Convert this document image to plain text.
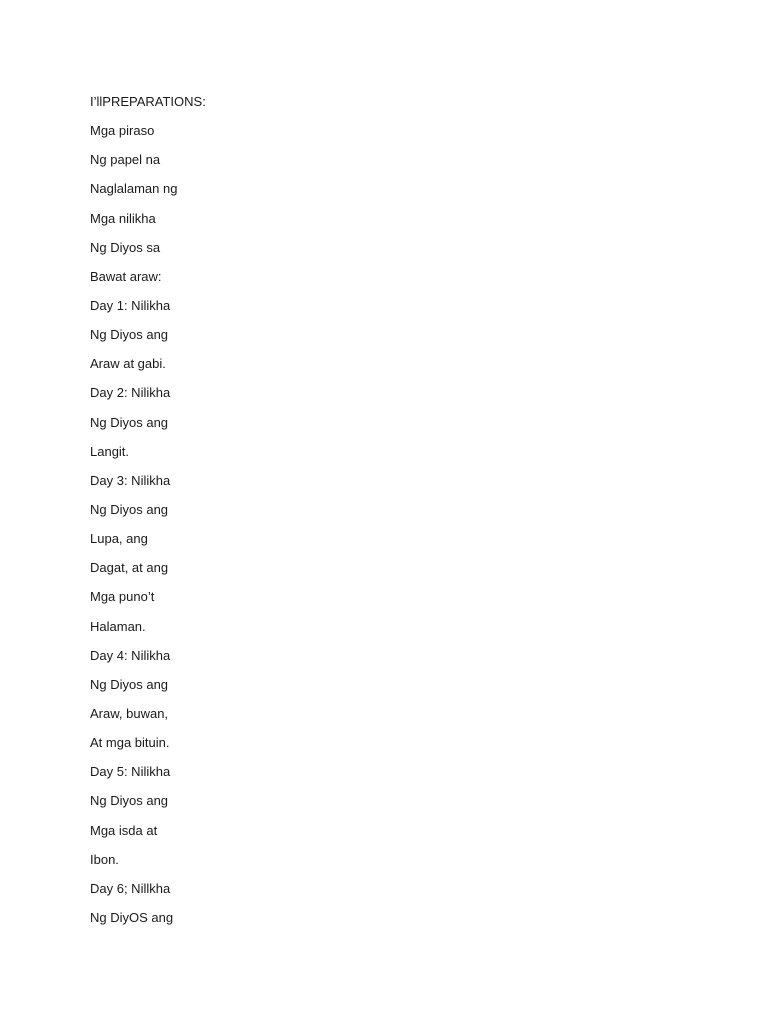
I’llPREPARATIONS:
Mga piraso
Ng papel na
Naglalaman ng
Mga nilikha
Ng Diyos sa
Bawat araw:
Day 1: Nilikha
Ng Diyos ang
Araw at gabi.
Day 2: Nilikha
Ng Diyos ang
Langit.
Day 3: Nilikha
Ng Diyos ang
Lupa, ang
Dagat, at ang
Mga puno’t
Halaman.
Day 4: Nilikha
Ng Diyos ang
Araw, buwan,
At mga bituin.
Day 5: Nilikha
Ng Diyos ang
Mga isda at
Ibon.
Day 6; Nillkha
Ng DiyOS ang
